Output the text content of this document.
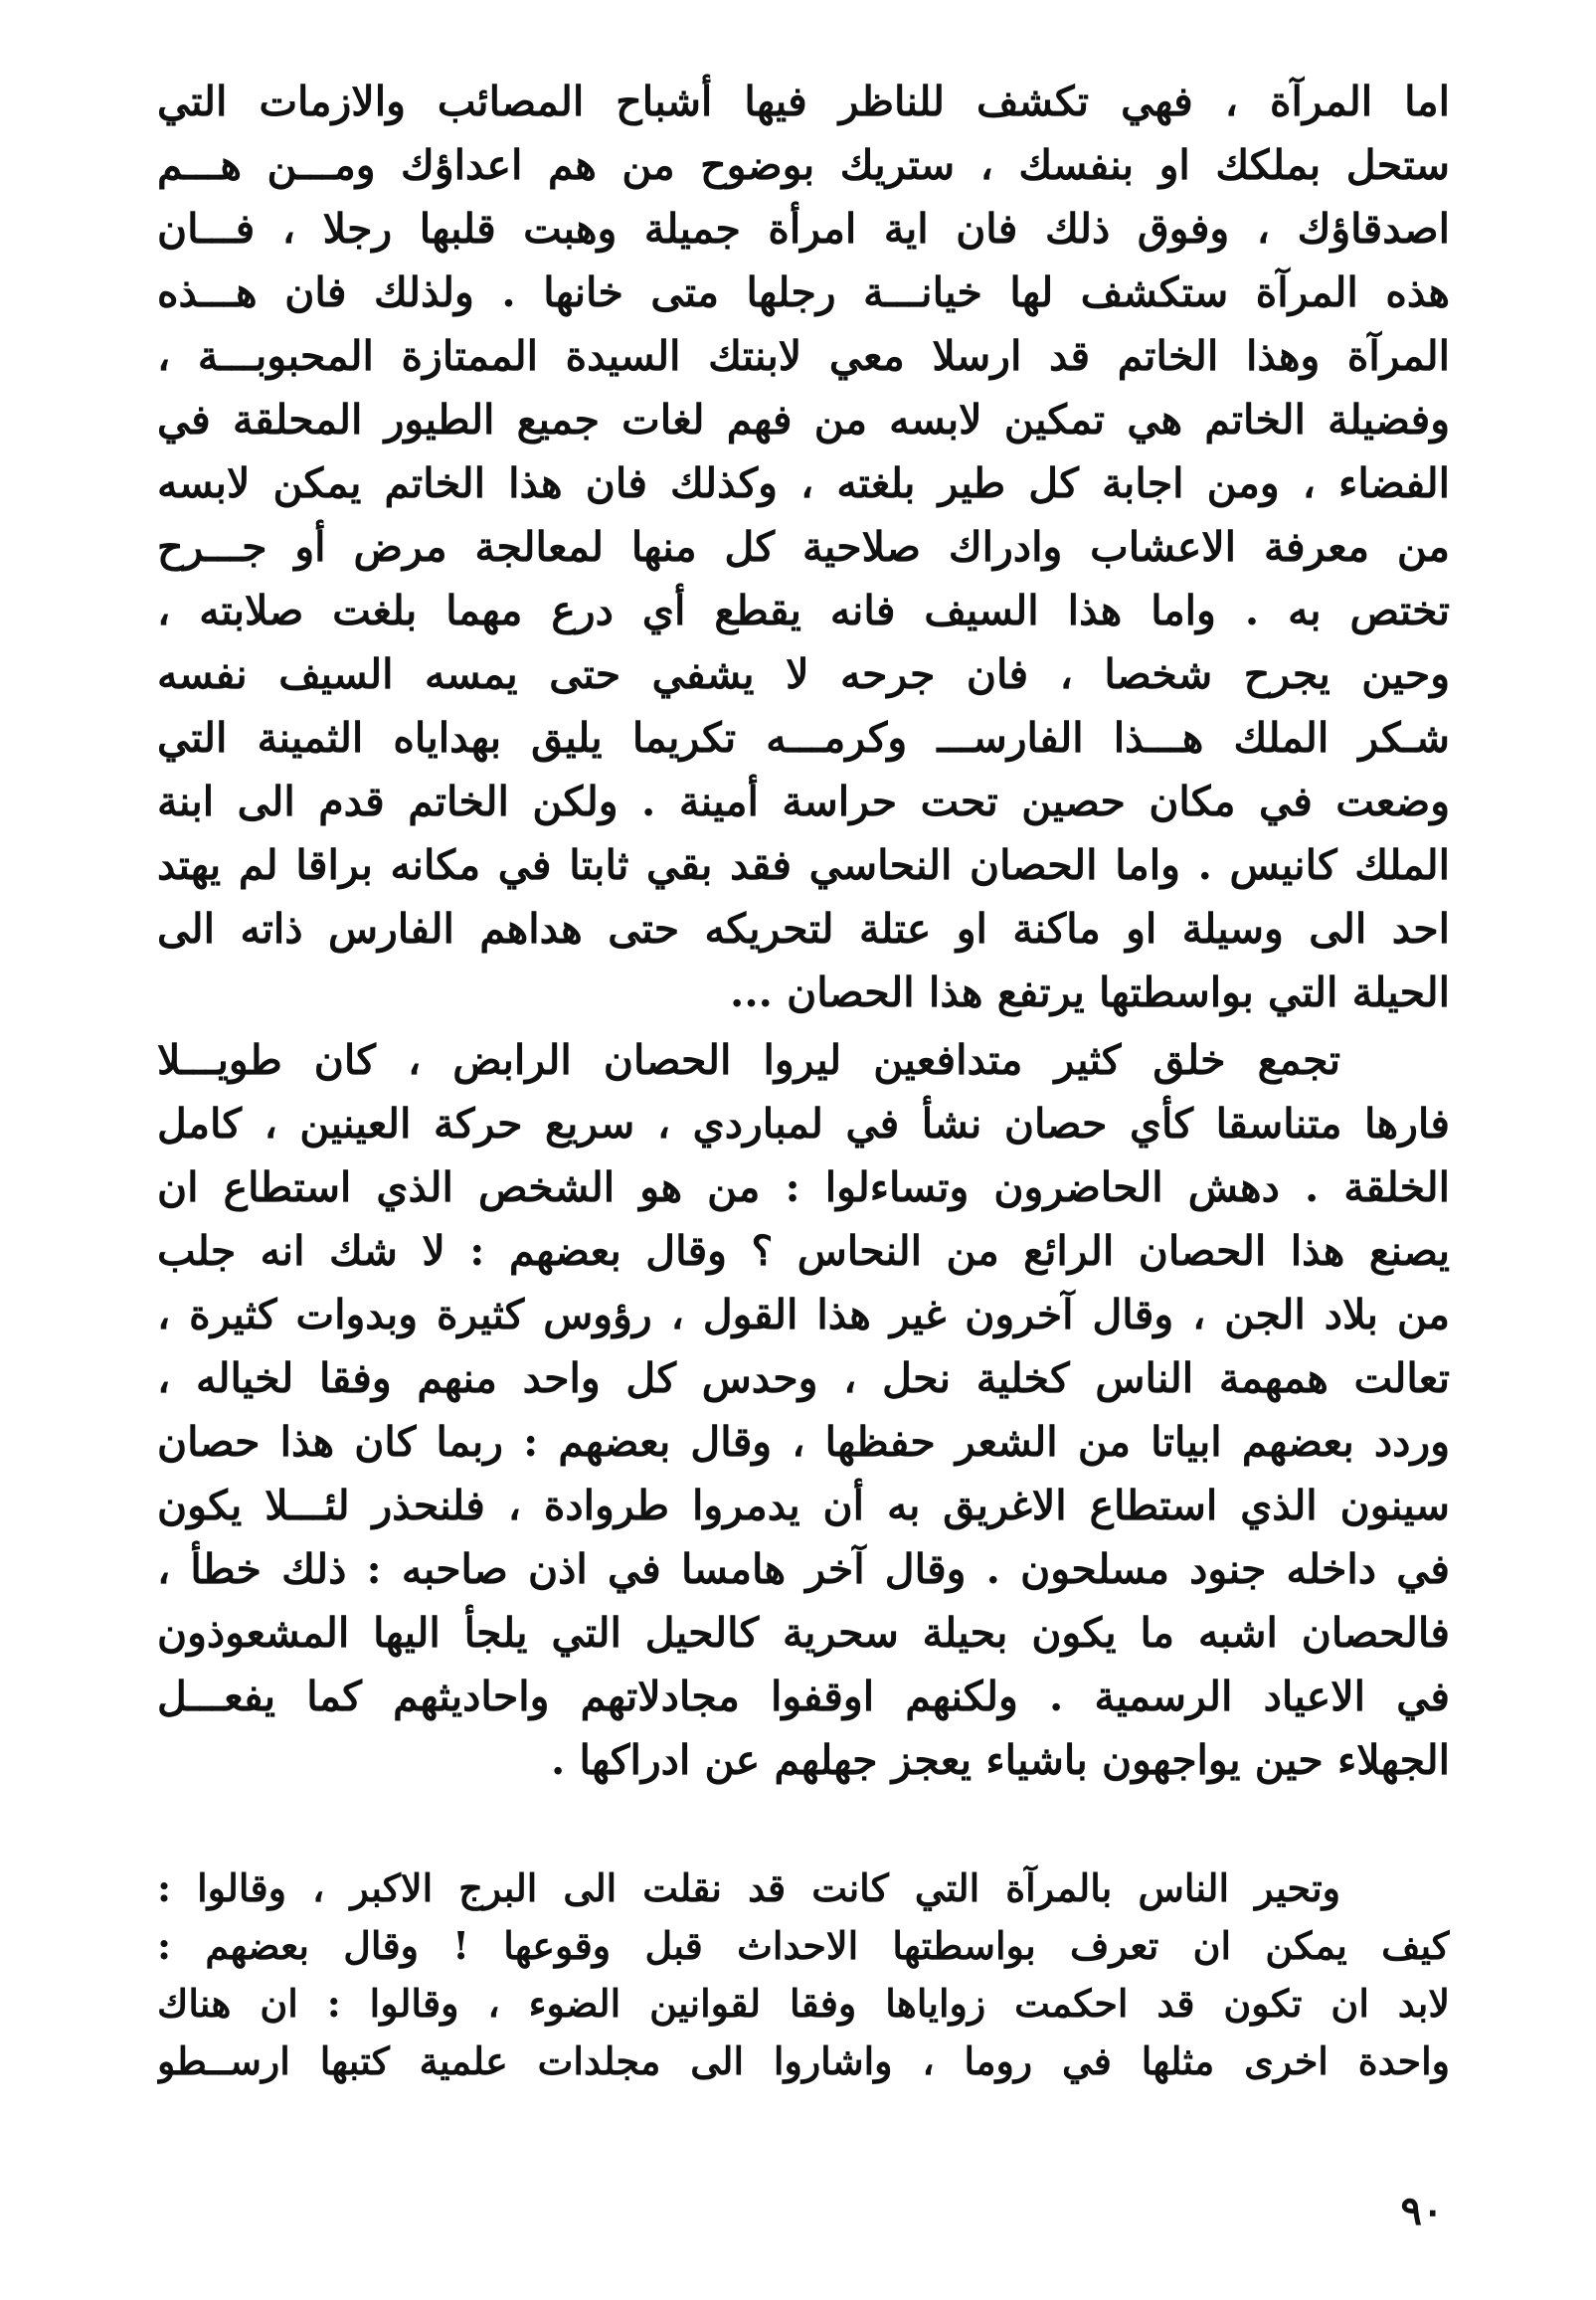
اما المرآة ، فهي تكشف للناظر فيها أشباح المصائب والازمات التي
ستحل بملكك او بنفسك ، ستريك بوضوح من هم اعداؤك ومـــن هـــم
اصدقاؤك ، وفوق ذلك فان اية امرأة جميلة وهبت قلبها رجلا ، فـــان
هذه المرآة ستكشف لها خيانـــة رجلها متى خانها . ولذلك فان هـــذه
المرآة وهذا الخاتم قد ارسلا معي لابنتك السيدة الممتازة المحبوبـــة ،
وفضيلة الخاتم هي تمكين لابسه من فهم لغات جميع الطيور المحلقة في
الفضاء ، ومن اجابة كل طير بلغته ، وكذلك فان هذا الخاتم يمكن لابسه
من معرفة الاعشاب وادراك صلاحية كل منها لمعالجة مرض أو جـــرح
تختص به . واما هذا السيف فانه يقطع أي درع مهما بلغت صلابته ،
وحين يجرح شخصا ، فان جرحه لا يشفي حتى يمسه السيف نفسه
شـكر الملك هـــذا الفارســـ وكرمـــه تكريما يليق بهداياه الثمينة التي
وضعت في مكان حصين تحت حراسة أمينة . ولكن الخاتم قدم الى ابنة
الملك كانيس . واما الحصان النحاسي فقد بقي ثابتا في مكانه براقا لم يهتد
احد الى وسيلة او ماكنة او عتلة لتحريكه حتى هداهم الفارس ذاته الى
الحيلة التي بواسطتها يرتفع هذا الحصان ...
تجمع خلق كثير متدافعين ليروا الحصان الرابض ، كان طويـــلا
فارها متناسقا كأي حصان نشأ في لمباردي ، سريع حركة العينين ، كامل
الخلقة . دهش الحاضرون وتساءلوا : من هو الشخص الذي استطاع ان
يصنع هذا الحصان الرائع من النحاس ؟ وقال بعضهم : لا شك انه جلب
من بلاد الجن ، وقال آخرون غير هذا القول ، رؤوس كثيرة وبدوات كثيرة ،
تعالت همهمة الناس كخلية نحل ، وحدس كل واحد منهم وفقا لخياله ،
وردد بعضهم ابياتا من الشعر حفظها ، وقال بعضهم : ربما كان هذا حصان
سينون الذي استطاع الاغريق به أن يدمروا طروادة ، فلنحذر لئـــلا يكون
في داخله جنود مسلحون . وقال آخر هامسا في اذن صاحبه : ذلك خطأ ،
فالحصان اشبه ما يكون بحيلة سحرية كالحيل التي يلجأ اليها المشعوذون
في الاعياد الرسمية . ولكنهم اوقفوا مجادلاتهم واحاديثهم كما يفعـــل
الجهلاء حين يواجهون باشياء يعجز جهلهم عن ادراكها .
وتحير الناس بالمرآة التي كانت قد نقلت الى البرج الاكبر ، وقالوا :
كيف يمكن ان تعرف بواسطتها الاحداث قبل وقوعها ! وقال بعضهم :
لابد ان تكون قد احكمت زواياها وفقا لقوانين الضوء ، وقالوا : ان هناك
واحدة اخرى مثلها في روما ، واشاروا الى مجلدات علمية كتبها ارســطو
٩٠
